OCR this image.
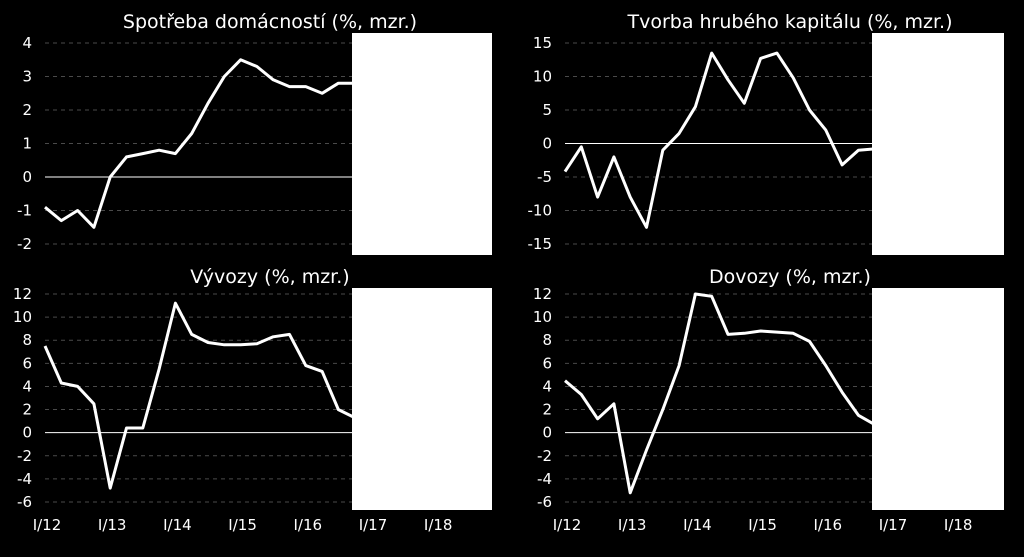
-2
-1
0
1
2
3
4
Spotřeba domácností (%, mzr.)
-15
-10
-5
0
5
10
15
Tvorba hrubého kapitálu (%, mzr.)
-6
-4
-2
0
2
4
6
8
10
12
Vývozy (%, mzr.)
-6
-4
-2
0
2
4
6
8
10
12
Dovozy (%, mzr.)
I/12 I/13 I/14 I/15 I/16 I/17 I/18	I/12 I/13 I/14 I/15 I/16 I/17 I/18
